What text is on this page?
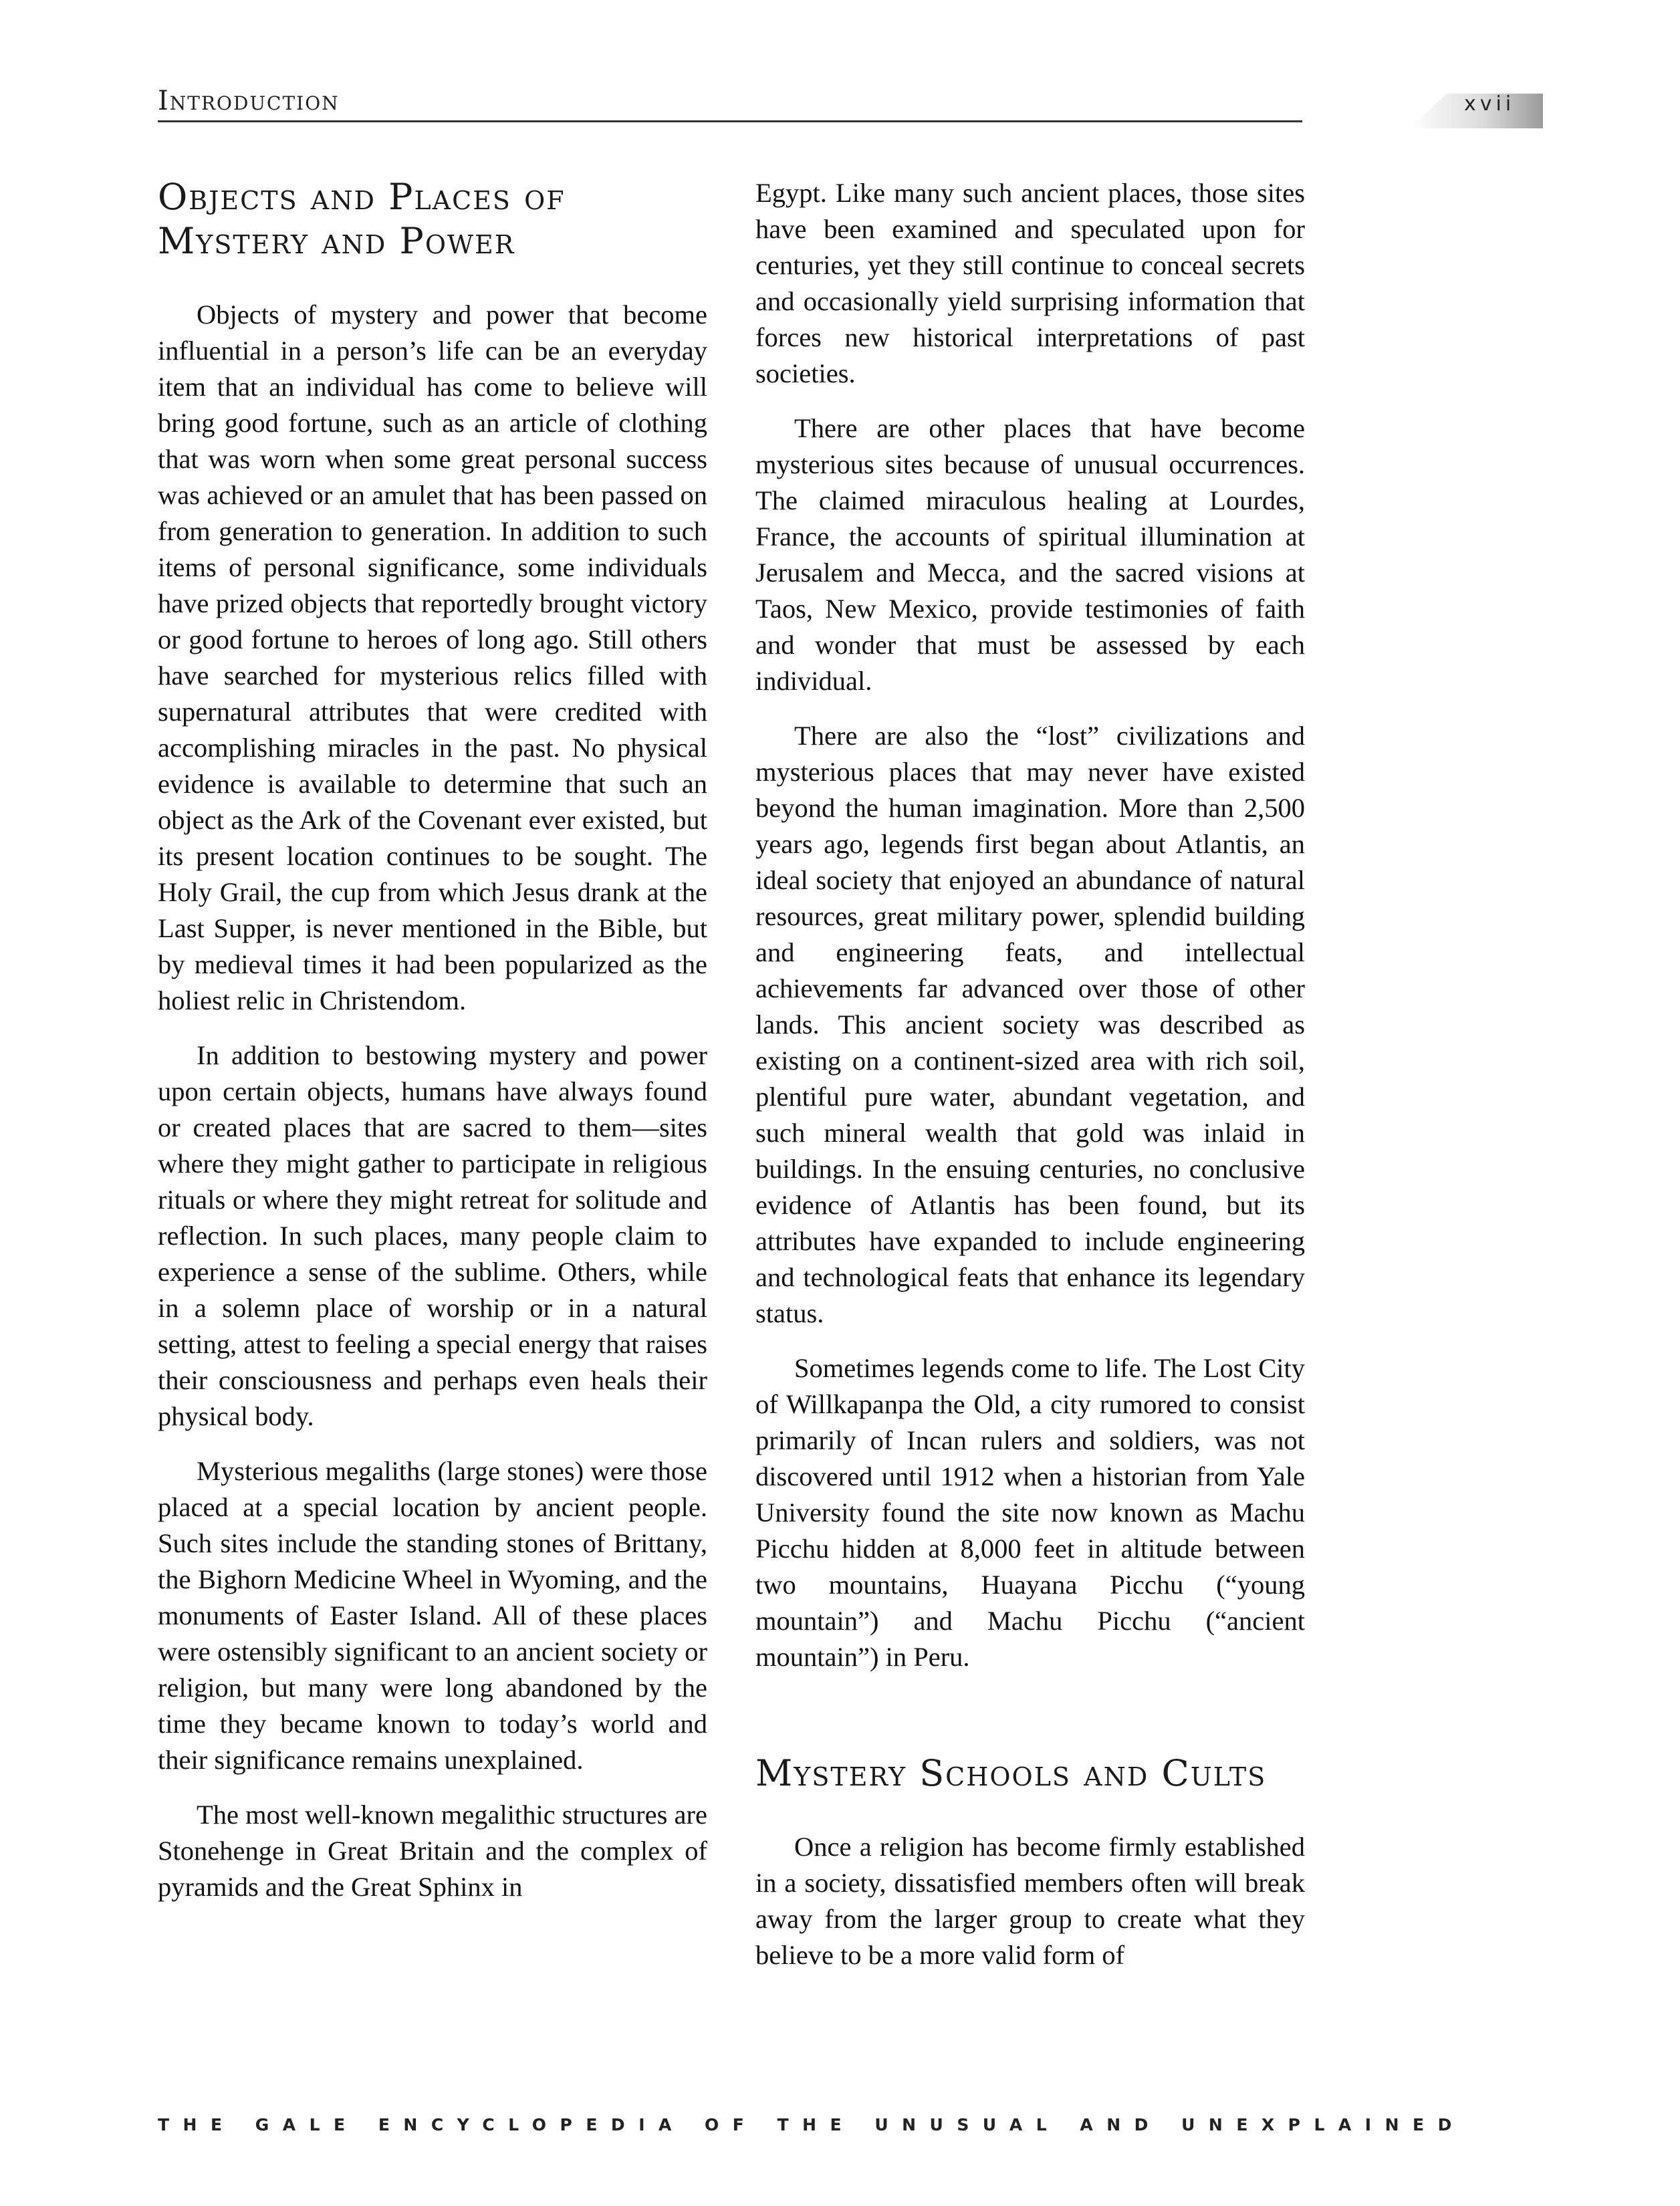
Introduction	xvii
Objects and Places of Mystery and Power

Objects of mystery and power that become influential in a person’s life can be an everyday item that an individual has come to believe will bring good fortune, such as an article of clothing that was worn when some great personal success was achieved or an amulet that has been passed on from generation to generation. In addition to such items of personal significance, some individuals have prized objects that reportedly brought victory or good fortune to heroes of long ago. Still others have searched for mysterious relics filled with supernatural attributes that were credited with accomplishing miracles in the past. No physical evidence is available to determine that such an object as the Ark of the Covenant ever existed, but its present location continues to be sought. The Holy Grail, the cup from which Jesus drank at the Last Supper, is never mentioned in the Bible, but by medieval times it had been popularized as the holiest relic in Christendom.

In addition to bestowing mystery and power upon certain objects, humans have always found or created places that are sacred to them—sites where they might gather to participate in religious rituals or where they might retreat for solitude and reflection. In such places, many people claim to experience a sense of the sublime. Others, while in a solemn place of worship or in a natural setting, attest to feeling a special energy that raises their consciousness and perhaps even heals their physical body.

Mysterious megaliths (large stones) were those placed at a special location by ancient people. Such sites include the standing stones of Brittany, the Bighorn Medicine Wheel in Wyoming, and the monuments of Easter Island. All of these places were ostensibly significant to an ancient society or religion, but many were long abandoned by the time they became known to today’s world and their significance remains unexplained.

The most well-known megalithic structures are Stonehenge in Great Britain and the complex of pyramids and the Great Sphinx in

Egypt. Like many such ancient places, those sites have been examined and speculated upon for centuries, yet they still continue to conceal secrets and occasionally yield surprising information that forces new historical interpretations of past societies.

There are other places that have become mysterious sites because of unusual occurrences. The claimed miraculous healing at Lourdes, France, the accounts of spiritual illumination at Jerusalem and Mecca, and the sacred visions at Taos, New Mexico, provide testimonies of faith and wonder that must be assessed by each individual.

There are also the “lost” civilizations and mysterious places that may never have existed beyond the human imagination. More than 2,500 years ago, legends first began about Atlantis, an ideal society that enjoyed an abundance of natural resources, great military power, splendid building and engineering feats, and intellectual achievements far advanced over those of other lands. This ancient society was described as existing on a continent-sized area with rich soil, plentiful pure water, abundant vegetation, and such mineral wealth that gold was inlaid in buildings. In the ensuing centuries, no conclusive evidence of Atlantis has been found, but its attributes have expanded to include engineering and technological feats that enhance its legendary status.

Sometimes legends come to life. The Lost City of Willkapanpa the Old, a city rumored to consist primarily of Incan rulers and soldiers, was not discovered until 1912 when a historian from Yale University found the site now known as Machu Picchu hidden at 8,000 feet in altitude between two mountains, Huayana Picchu (“young mountain”) and Machu Picchu (“ancient mountain”) in Peru.

Mystery Schools and Cults

Once a religion has become firmly established in a society, dissatisfied members often will break away from the larger group to create what they believe to be a more valid form of

THE GALE ENCYCLOPEDIA OF THE UNUSUAL AND UNEXPLAINED
